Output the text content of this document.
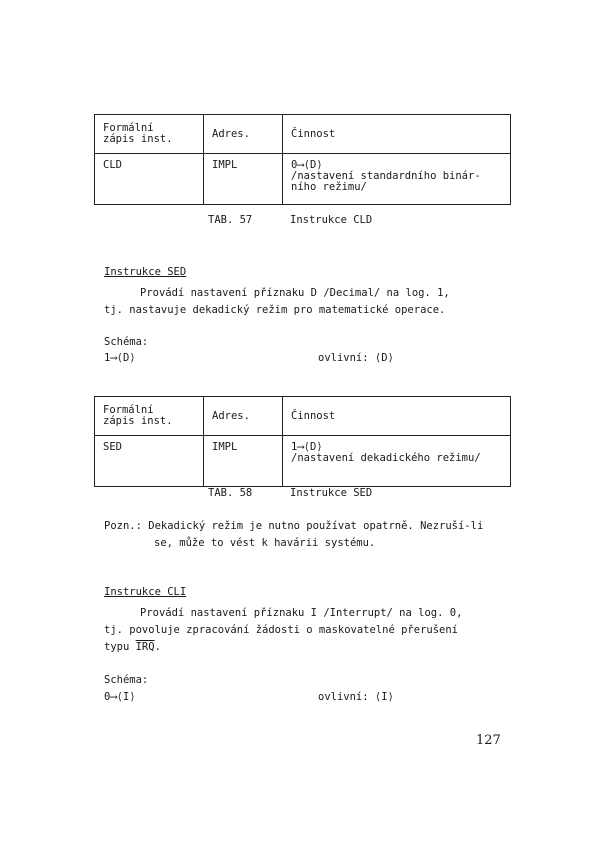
Formální
zápis inst.	Adres.	Činnost
CLD	IMPL	0⟶⟨D⟩
/nastavení standardního binár-
ního režimu/
TAB. 57	Instrukce CLD
Instrukce SED
Provádí nastavení příznaku D /Decimal/ na log. 1,
tj. nastavuje dekadický režim pro matematické operace.
Schéma:
1⟶⟨D⟩	ovlivní: ⟨D⟩
Formální
zápis inst.	Adres.	Činnost
SED	IMPL	1⟶⟨D⟩
/nastavení dekadického režimu/
TAB. 58	Instrukce SED
Pozn.: Dekadický režim je nutno používat opatrně. Nezruší-li
se, může to vést k havárii systému.
Instrukce CLI
Provádí nastavení příznaku I /Interrupt/ na log. 0,
tj. povoluje zpracování žádosti o maskovatelné přerušení
typu $\overline{IRQ}$.
Schéma:
0⟶⟨I⟩	ovlivní: ⟨I⟩
127
